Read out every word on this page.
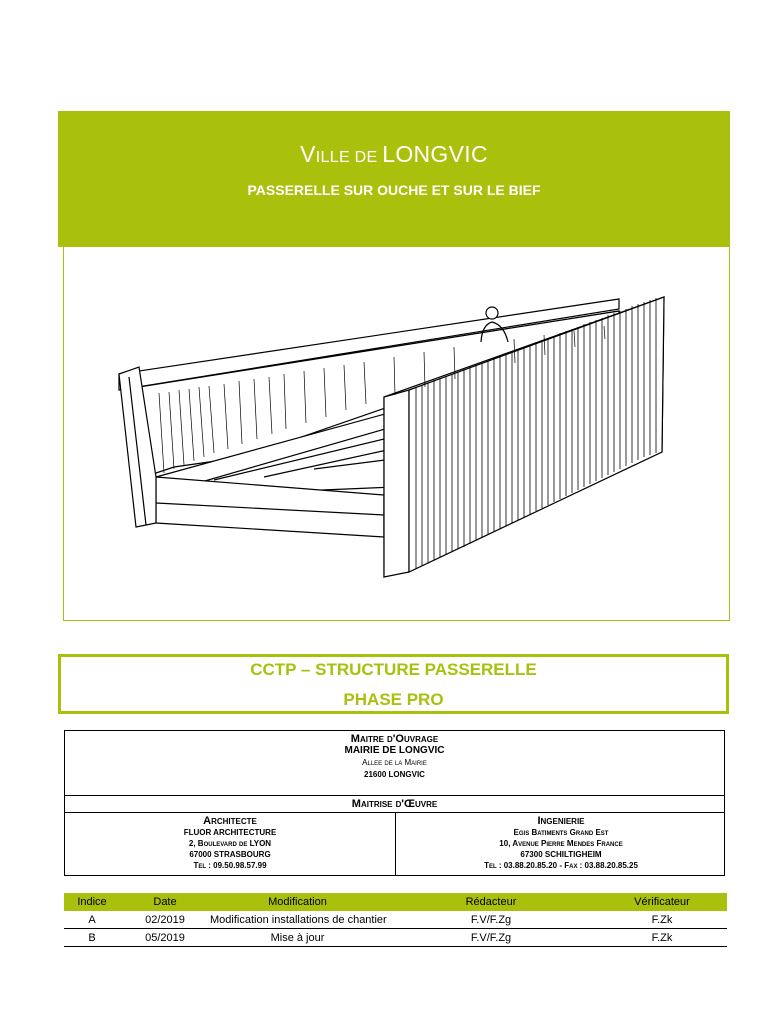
VILLE DE LONGVIC
PASSERELLE SUR OUCHE ET SUR LE BIEF
CCTP – STRUCTURE PASSERELLE
PHASE PRO
Maitre d'Ouvrage
MAIRIE DE LONGVIC
Allee de la Mairie
21600 LONGVIC
Maitrise d'Œuvre
Architecte
FLUOR ARCHITECTURE
2, Boulevard de LYON
67000 STRASBOURG
Tel : 09.50.98.57.99
Ingenierie
Egis Batiments Grand Est
10, Avenue Pierre Mendes France
67300 SCHILTIGHEIM
Tel : 03.88.20.85.20 - Fax : 03.88.20.85.25
Indice	Date	Modification	Rédacteur	Vérificateur
A	02/2019	Modification installations de chantier	F.V/F.Zg	F.Zk
B	05/2019	Mise à jour	F.V/F.Zg	F.Zk
